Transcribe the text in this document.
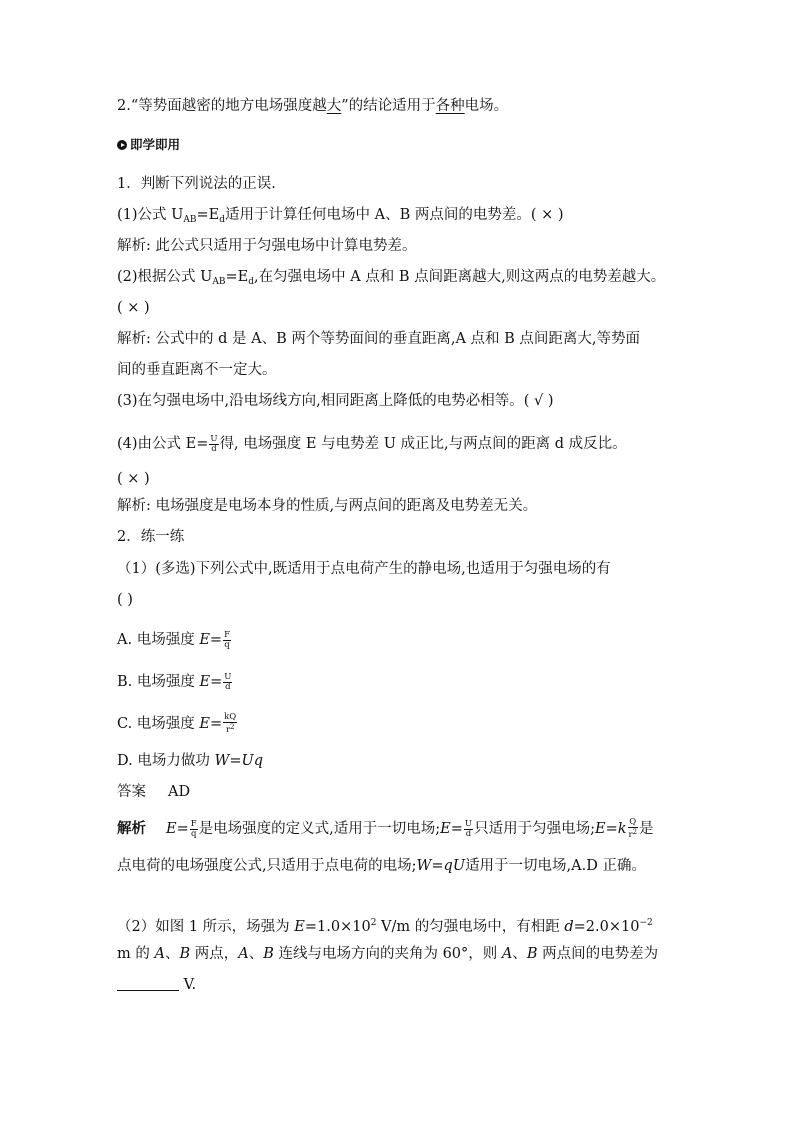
2.“等势面越密的地方电场强度越大”的结论适用于各种电场。
即学即用
1．判断下列说法的正误.
(1)公式 $U_{AB}=E_d$适用于计算任何电场中 A、B 两点间的电势差。( × )
解析: 此公式只适用于匀强电场中计算电势差。
(2)根据公式 $U_{AB}=E_d$,在匀强电场中 A 点和 B 点间距离越大,则这两点的电势差越大。
( × )
解析: 公式中的 d 是 A、B 两个等势面间的垂直距离,A 点和 B 点间距离大,等势面
间的垂直距离不一定大。
(3)在匀强电场中,沿电场线方向,相同距离上降低的电势必相等。( √ )
(4)由公式 $E= \frac{U}{d}$ 得, 电场强度 E 与电势差 U 成正比,与两点间的距离 d 成反比。
( × )
解析: 电场强度是电场本身的性质,与两点间的距离及电势差无关。
2．练一练
（1）(多选)下列公式中,既适用于点电荷产生的静电场,也适用于匀强电场的有
( )
A. 电场强度 $E= \frac{F}{q}$
B. 电场强度 $E= \frac{U}{d}$
C. 电场强度 $E= \frac{kQ}{r^2}$
D. 电场力做功 W=Uq
答案 AD
解析 $E= \frac{F}{q}$ 是电场强度的定义式,适用于一切电场;E= $\frac{U}{d}$ 只适用于匀强电场;E=k $\frac{Q}{r^2}$ 是
点电荷的电场强度公式,只适用于点电荷的电场;W=qU适用于一切电场,A.D 正确。
（2）如图 1 所示，场强为 $E=1.0\times 10^2$ V/m 的匀强电场中，有相距 $d=2.0\times 10^{-2}$
m 的 A、B 两点，A、B 连线与电场方向的夹角为 60°，则 A、B 两点间的电势差为
V.
